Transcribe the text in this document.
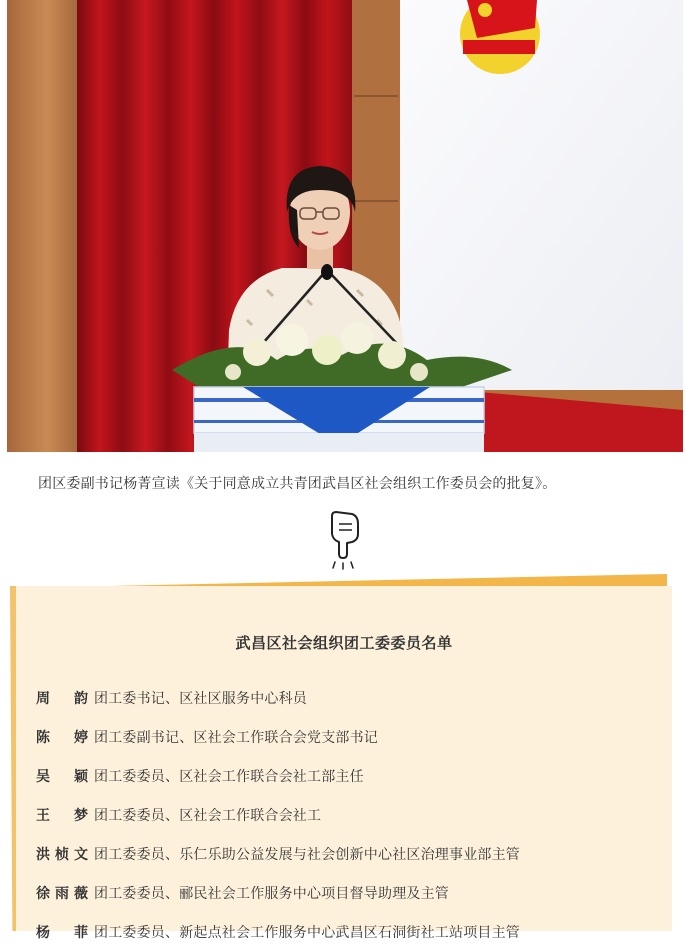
团区委副书记杨菁宣读《关于同意成立共青团武昌区社会组织工作委员会的批复》。
武昌区社会组织团工委委员名单
周　韵 团工委书记、区社区服务中心科员
陈　婷 团工委副书记、区社会工作联合会党支部书记
吴　颖 团工委委员、区社会工作联合会社工部主任
王　梦 团工委委员、区社会工作联合会社工
洪桢文 团工委委员、乐仁乐助公益发展与社会创新中心社区治理事业部主管
徐雨薇 团工委委员、郦民社会工作服务中心项目督导助理及主管
杨　菲 团工委委员、新起点社会工作服务中心武昌区石洞街社工站项目主管
